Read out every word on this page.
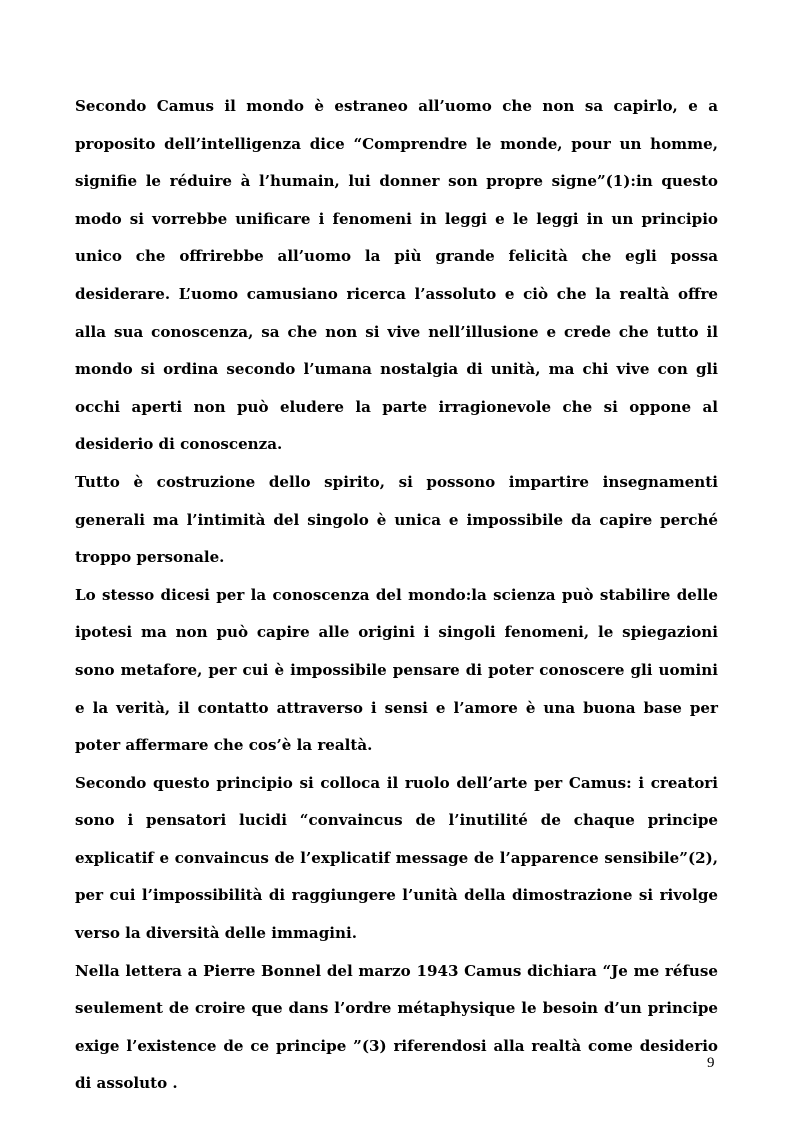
Secondo Camus il mondo è estraneo all’uomo che non sa capirlo, e a proposito dell’intelligenza dice “Comprendre le monde, pour un homme, signifie le réduire à l’humain, lui donner son propre signe”(1):in questo modo si vorrebbe unificare i fenomeni in leggi e le leggi in un principio unico che offrirebbe all’uomo la più grande felicità che egli possa desiderare. L’uomo camusiano ricerca l’assoluto e ciò che la realtà offre alla sua conoscenza, sa che non si vive nell’illusione e crede che tutto il mondo si ordina secondo l’umana nostalgia di unità, ma chi vive con gli occhi aperti non può eludere la parte irragionevole che si oppone al desiderio di conoscenza.

Tutto è costruzione dello spirito, si possono impartire insegnamenti generali ma l’intimità del singolo è unica e impossibile da capire perché troppo personale.

Lo stesso dicesi per la conoscenza del mondo:la scienza può stabilire delle ipotesi ma non può capire alle origini i singoli fenomeni, le spiegazioni sono metafore, per cui è impossibile pensare di poter conoscere gli uomini e la verità, il contatto attraverso i sensi e l’amore è una buona base per poter affermare che cos’è la realtà.

Secondo questo principio si colloca il ruolo dell’arte per Camus: i creatori sono i pensatori lucidi “convaincus de l’inutilité de chaque principe explicatif e convaincus de l’explicatif message de l’apparence sensibile”(2), per cui l’impossibilità di raggiungere l’unità della dimostrazione si rivolge verso la diversità delle immagini.

Nella lettera a Pierre Bonnel del marzo 1943 Camus dichiara “Je me réfuse seulement de croire que dans l’ordre métaphysique le besoin d’un principe exige l’existence de ce principe ”(3) riferendosi alla realtà come desiderio di assoluto .

9
